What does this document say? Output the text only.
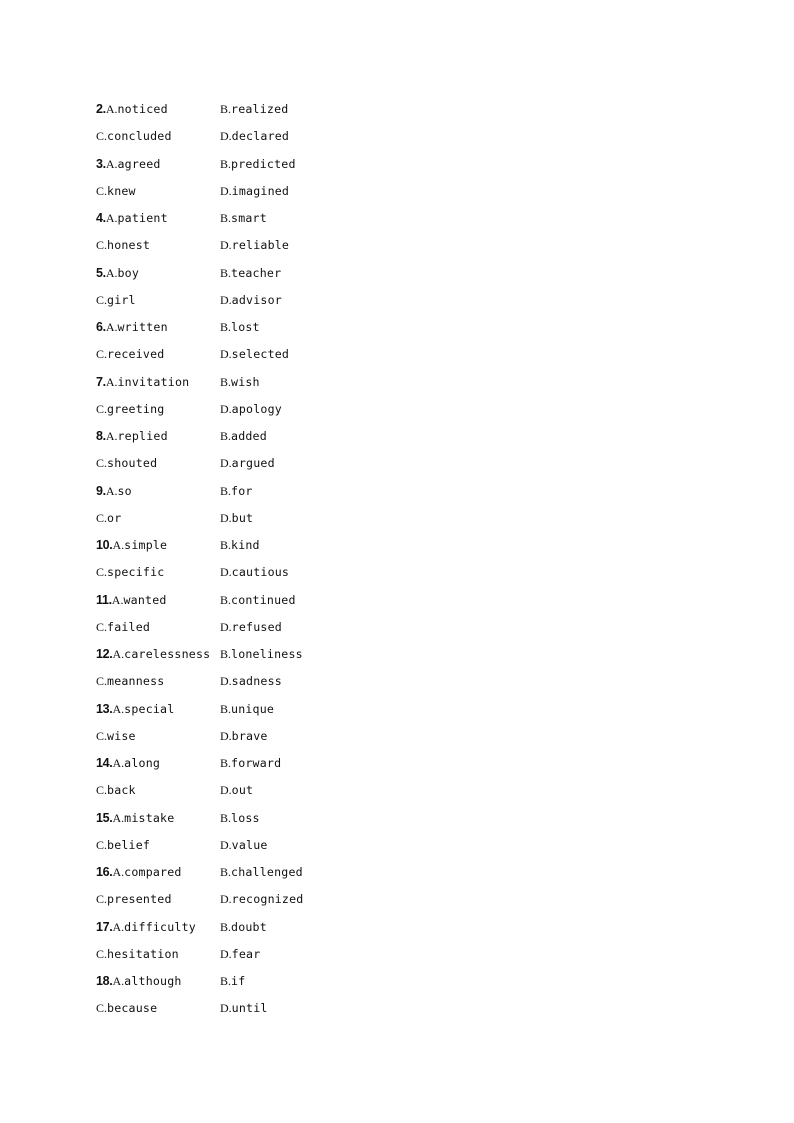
2.A.noticed	B.realized
C.concluded	D.declared
3.A.agreed	B.predicted
C.knew	D.imagined
4.A.patient	B.smart
C.honest	D.reliable
5.A.boy	B.teacher
C.girl	D.advisor
6.A.written	B.lost
C.received	D.selected
7.A.invitation	B.wish
C.greeting	D.apology
8.A.replied	B.added
C.shouted	D.argued
9.A.so	B.for
C.or	D.but
10.A.simple	B.kind
C.specific	D.cautious
11.A.wanted	B.continued
C.failed	D.refused
12.A.carelessness B.loneliness
C.meanness	D.sadness
13.A.special	B.unique
C.wise	D.brave
14.A.along	B.forward
C.back	D.out
15.A.mistake	B.loss
C.belief	D.value
16.A.compared	B.challenged
C.presented	D.recognized
17.A.difficulty	B.doubt
C.hesitation	D.fear
18.A.although	B.if
C.because	D.until
